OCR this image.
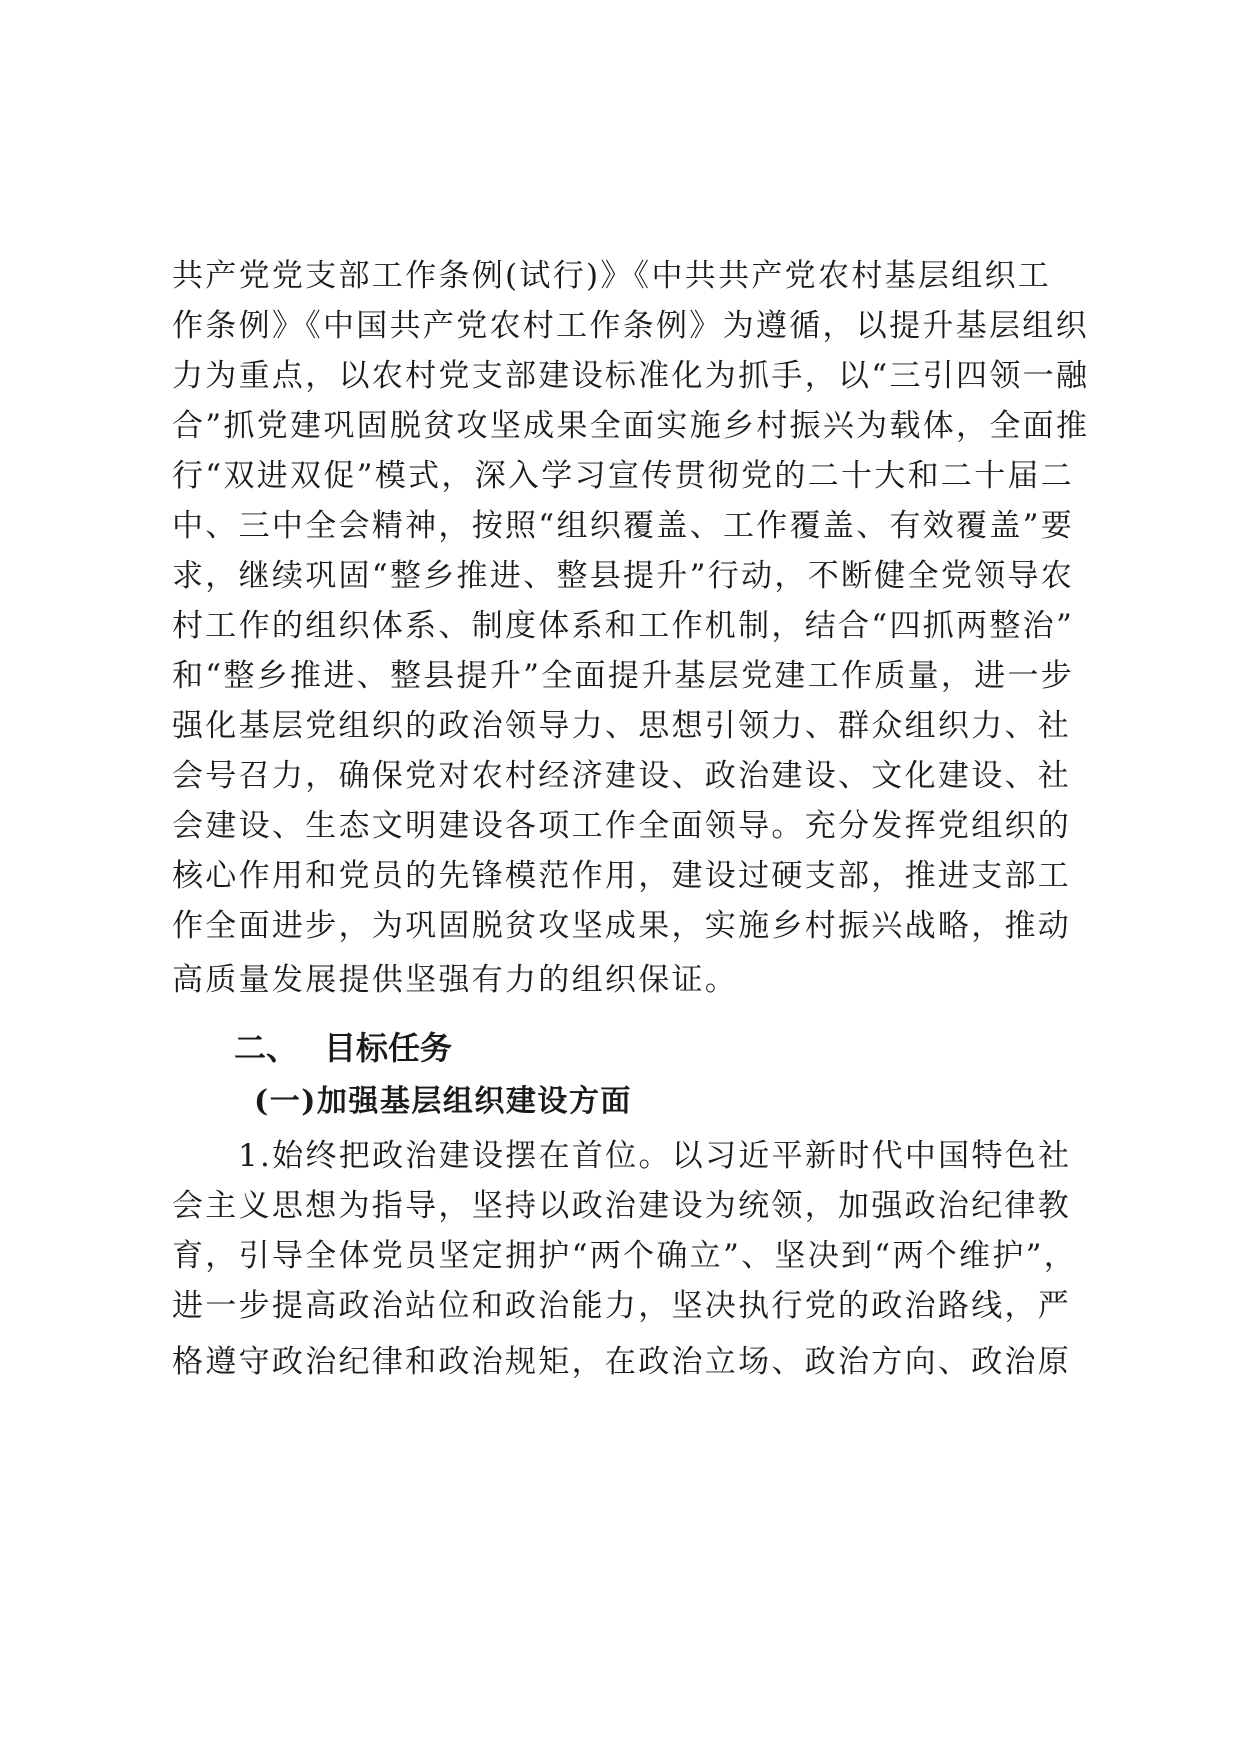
共产党党支部工作条例(试行)》《中共共产党农村基层组织工
作条例》《中国共产党农村工作条例》为遵循，以提升基层组织
力为重点，以农村党支部建设标准化为抓手，以“三引四领一融
合”抓党建巩固脱贫攻坚成果全面实施乡村振兴为载体，全面推
行“双进双促”模式，深入学习宣传贯彻党的二十大和二十届二
中、三中全会精神，按照“组织覆盖、工作覆盖、有效覆盖”要
求，继续巩固“整乡推进、整县提升”行动，不断健全党领导农
村工作的组织体系、制度体系和工作机制，结合“四抓两整治”
和“整乡推进、整县提升”全面提升基层党建工作质量，进一步
强化基层党组织的政治领导力、思想引领力、群众组织力、社
会号召力，确保党对农村经济建设、政治建设、文化建设、社
会建设、生态文明建设各项工作全面领导。充分发挥党组织的
核心作用和党员的先锋模范作用，建设过硬支部，推进支部工
作全面进步，为巩固脱贫攻坚成果，实施乡村振兴战略，推动
高质量发展提供坚强有力的组织保证。
二、 目标任务
(一)加强基层组织建设方面
1.始终把政治建设摆在首位。以习近平新时代中国特色社
会主义思想为指导，坚持以政治建设为统领，加强政治纪律教
育，引导全体党员坚定拥护“两个确立”、坚决到“两个维护”，
进一步提高政治站位和政治能力，坚决执行党的政治路线，严
格遵守政治纪律和政治规矩，在政治立场、政治方向、政治原
